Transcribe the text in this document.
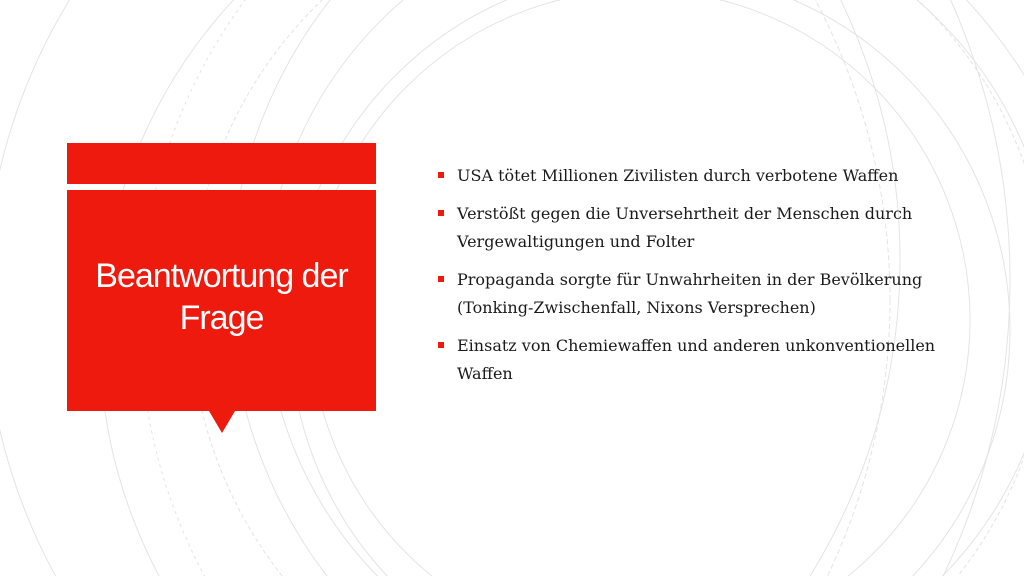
Beantwortung der Frage
USA tötet Millionen Zivilisten durch verbotene Waffen
Verstößt gegen die Unversehrtheit der Menschen durch Vergewaltigungen und Folter
Propaganda sorgte für Unwahrheiten in der Bevölkerung (Tonking-Zwischenfall, Nixons Versprechen)
Einsatz von Chemiewaffen und anderen unkonventionellen Waffen
